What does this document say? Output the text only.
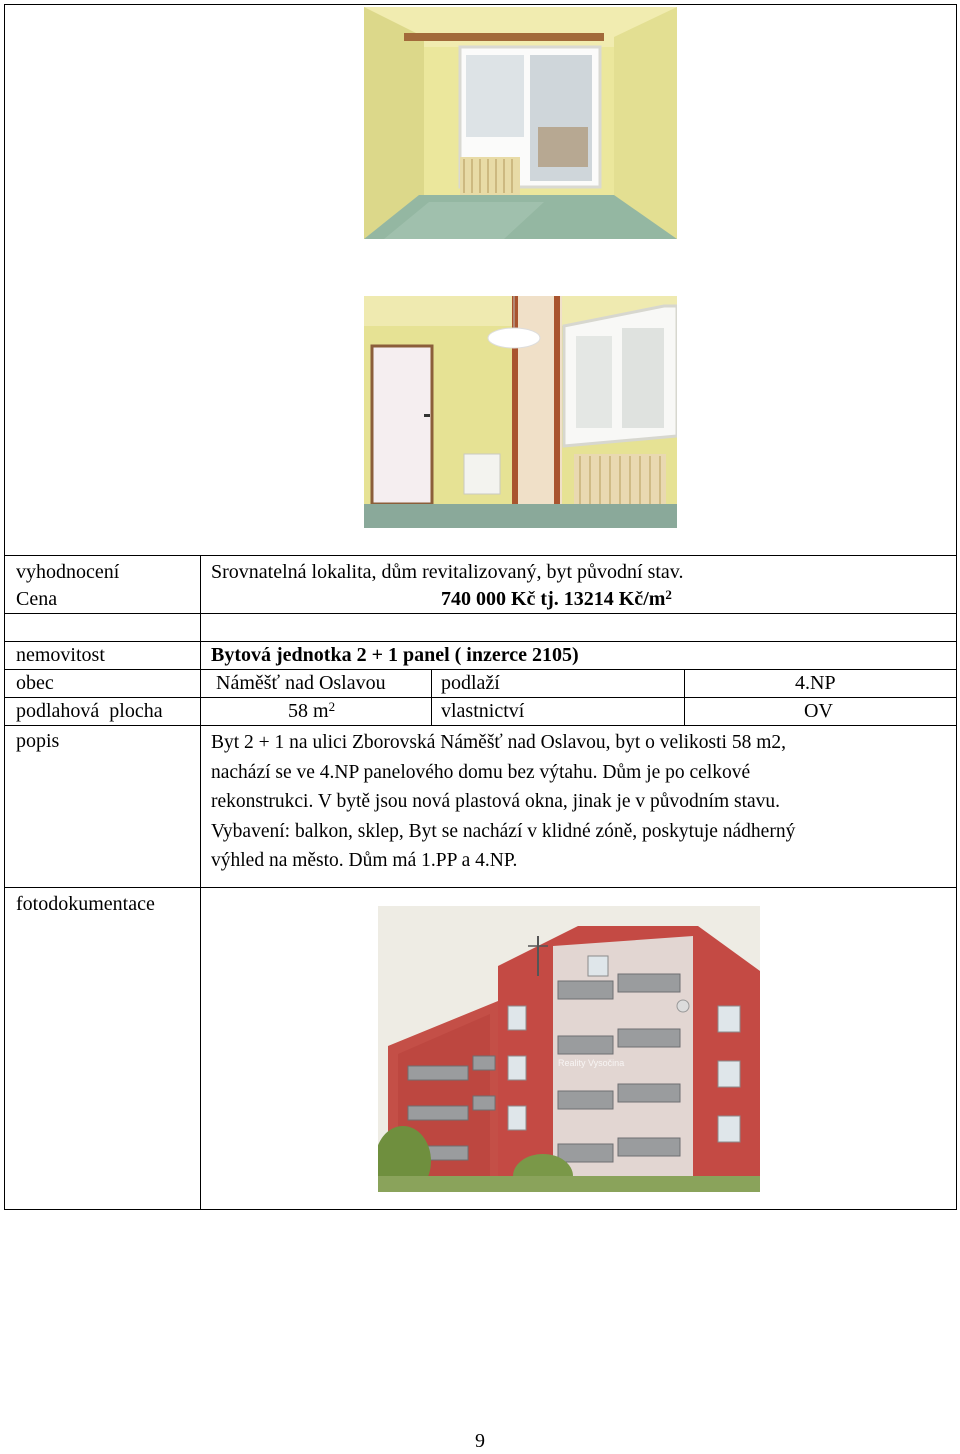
vyhodnocení	Srovnatelná lokalita, dům revitalizovaný, byt původní stav.
Cena	740 000 Kč tj. 13214 $Kč/m^2$
nemovitost	Bytová jednotka 2 + 1 panel ( inzerce 2105)
obec	Náměšť nad Oslavou	podlaží	4.NP
podlahová  plocha	58 $m^2$	vlastnictví	OV
popis	Byt 2 + 1 na ulici Zborovská Náměšť nad Oslavou, byt o velikosti 58 m2,
nachází se ve 4.NP panelového domu bez výtahu. Dům je po celkové
rekonstrukci. V bytě jsou nová plastová okna, jinak je v původním stavu.
Vybavení: balkon, sklep, Byt se nachází v klidné zóně, poskytuje nádherný
výhled na město. Dům má 1.PP a 4.NP.
fotodokumentace
Reality Vysočina
9
